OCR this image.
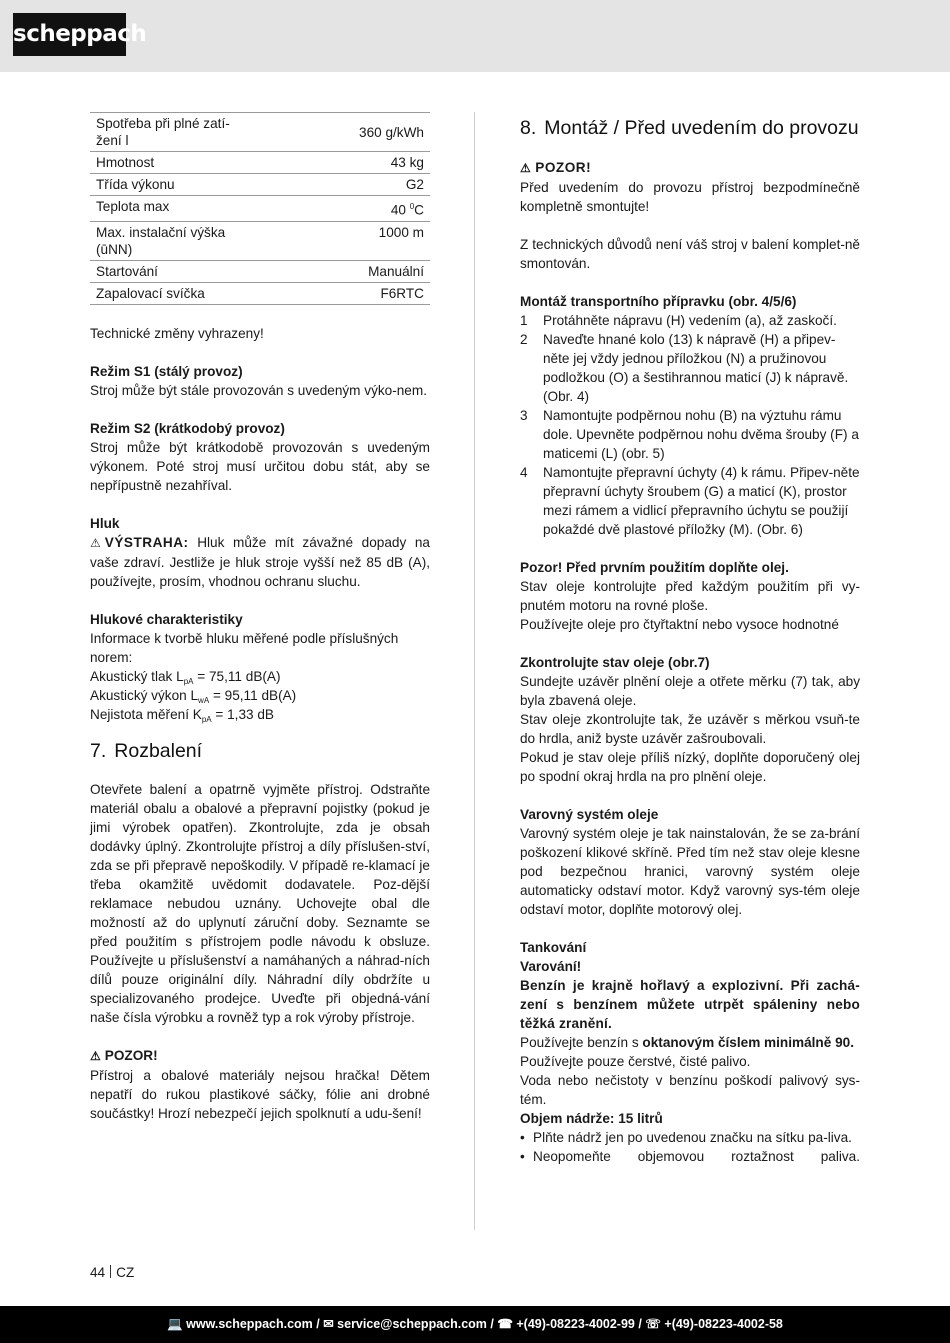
scheppach
Spotřeba při plné zatí-
žení l	360 g/kWh
Hmotnost	43 kg
Třída výkonu	G2
Teplota max	40 $^0$C
Max. instalační výška (ūNN)	1000 m
Startování	Manuální
Zapalovací svíčka	F6RTC

Technické změny vyhrazeny!

Režim S1 (stálý provoz)

Stroj může být stále provozován s uvedeným výko-nem.

Režim S2 (krátkodobý provoz)

Stroj může být krátkodobě provozován s uvedeným výkonem. Poté stroj musí určitou dobu stát, aby se nepřípustně nezahříval.

Hluk

⚠ VÝSTRAHA: Hluk může mít závažné dopady na vaše zdraví. Jestliže je hluk stroje vyšší než 85 dB (A), používejte, prosím, vhodnou ochranu sluchu.

Hlukové charakteristiky

Informace k tvorbě hluku měřené podle příslušných norem:

Akustický tlak $L_{pA} = 75,11$ dB(A)

Akustický výkon $L_{wA} = 95,11$ dB(A)

Nejistota měření $K_{pA} = 1,33$ dB

7. Rozbalení

Otevřete balení a opatrně vyjměte přístroj. Odstraňte materiál obalu a obalové a přepravní pojistky (pokud je jimi výrobek opatřen). Zkontrolujte, zda je obsah dodávky úplný. Zkontrolujte přístroj a díly příslušen-ství, zda se při přepravě nepoškodily. V případě re-klamací je třeba okamžitě uvědomit dodavatele. Poz-dější reklamace nebudou uznány. Uchovejte obal dle možností až do uplynutí záruční doby. Seznamte se před použitím s přístrojem podle návodu k obsluze. Používejte u příslušenství a namáhaných a náhrad-ních dílů pouze originální díly. Náhradní díly obdržíte u specializovaného prodejce. Uveďte při objedná-vání naše čísla výrobku a rovněž typ a rok výroby přístroje.

⚠ POZOR!

Přístroj a obalové materiály nejsou hračka! Dětem nepatří do rukou plastikové sáčky, fólie ani drobné součástky! Hrozí nebezpečí jejich spolknutí a udu-šení!

8. Montáž / Před uvedením do provozu

⚠ POZOR!

Před uvedením do provozu přístroj bezpodmínečně kompletně smontujte!

Z technických důvodů není váš stroj v balení komplet-ně smontován.

Montáž transportního přípravku (obr. 4/5/6)

1 Protáhněte nápravu (H) vedením (a), až zaskočí.
2 Naveďte hnané kolo (13) k nápravě (H) a připev-něte jej vždy jednou příložkou (N) a pružinovou podložkou (O) a šestihrannou maticí (J) k nápravě. (Obr. 4)
3 Namontujte podpěrnou nohu (B) na výztuhu rámu dole. Upevněte podpěrnou nohu dvěma šrouby (F) a maticemi (L) (obr. 5)
4 Namontujte přepravní úchyty (4) k rámu. Připev-něte přepravní úchyty šroubem (G) a maticí (K), prostor mezi rámem a vidlicí přepravního úchytu se použijí pokaždé dvě plastové příložky (M). (Obr. 6)

Pozor! Před prvním použitím doplňte olej.

Stav oleje kontrolujte před každým použitím při vy-pnutém motoru na rovné ploše.

Používejte oleje pro čtyřtaktní nebo vysoce hodnotné

Zkontrolujte stav oleje (obr.7)

Sundejte uzávěr plnění oleje a otřete měrku (7) tak, aby byla zbavená oleje.

Stav oleje zkontrolujte tak, že uzávěr s měrkou vsuň-te do hrdla, aniž byste uzávěr zašroubovali.

Pokud je stav oleje příliš nízký, doplňte doporučený olej po spodní okraj hrdla na pro plnění oleje.

Varovný systém oleje

Varovný systém oleje je tak nainstalován, že se za-brání poškození klikové skříně. Před tím než stav oleje klesne pod bezpečnou hranici, varovný systém oleje automaticky odstaví motor. Když varovný sys-tém oleje odstaví motor, doplňte motorový olej.

Tankování

Varování!

Benzín je krajně hořlavý a explozivní. Při zachá-zení s benzínem můžete utrpět spáleniny nebo těžká zranění.

Používejte benzín s oktanovým číslem minimálně 90.

Používejte pouze čerstvé, čisté palivo.

Voda nebo nečistoty v benzínu poškodí palivový sys-tém.

Objem nádrže: 15 litrů

• Plňte nádrž jen po uvedenou značku na sítku pa-liva.
• Neopomeňte objemovou roztažnost paliva.
44 CZ
💻 www.scheppach.com / ✉ service@scheppach.com / ☎ +(49)-08223-4002-99 / ☏ +(49)-08223-4002-58
